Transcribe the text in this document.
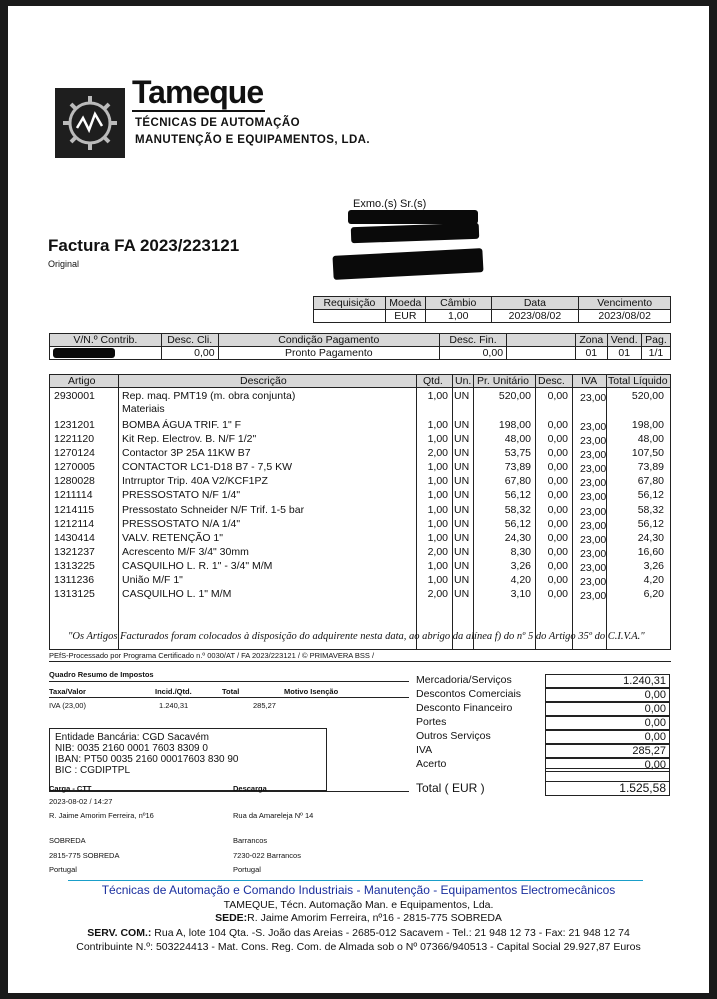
Tameque
TÉCNICAS DE AUTOMAÇÃO
MANUTENÇÃO E EQUIPAMENTOS, LDA.
Exmo.(s) Sr.(s)
Factura FA 2023/223121
Original
Requisição	Moeda	Câmbio	Data	Vencimento
	EUR	1,00	2023/08/02	2023/08/02
V/N.º Contrib.	Desc. Cli.	Condição Pagamento	Desc. Fin.		Zona	Vend.	Pag.
	0,00	Pronto Pagamento	0,00		01	01	1/1
Artigo	Descrição	Qtd. Un. Pr. Unitário Desc. IVA Total Líquido
2930001	Rep. maq. PMT19 (m. obra conjunta)	1,00 UN	520,00 0,00 23,00 520,00
Materiais
1231201	BOMBA ÁGUA TRIF. 1" F	1,00 UN	198,00 0,00 23,00 198,00
1221120	Kit Rep. Electrov. B. N/F 1/2"	1,00 UN	48,00 0,00 23,00	48,00
1270124	Contactor 3P 25A 11KW B7	2,00 UN	53,75 0,00 23,00 107,50
1270005	CONTACTOR LC1-D18 B7 - 7,5 KW	1,00 UN	73,89 0,00 23,00	73,89
1280028	Intrruptor Trip. 40A V2/KCF1PZ	1,00 UN	67,80 0,00 23,00	67,80
1211114	PRESSOSTATO N/F 1/4"	1,00 UN	56,12 0,00 23,00	56,12
1214115	Pressostato Schneider N/F Trif. 1-5 bar	1,00 UN	58,32 0,00 23,00	58,32
1212114	PRESSOSTATO N/A 1/4"	1,00 UN	56,12 0,00 23,00	56,12
1430414	VALV. RETENÇÃO 1"	1,00 UN	24,30 0,00 23,00	24,30
1321237	Acrescento M/F 3/4" 30mm	2,00 UN	8,30 0,00 23,00	16,60
1313225	CASQUILHO L. R. 1" - 3/4" M/M	1,00 UN	3,26 0,00 23,00	3,26
1311236	União M/F 1"	1,00 UN	4,20 0,00 23,00	4,20
1313125	CASQUILHO L. 1" M/M	2,00 UN	3,10 0,00 23,00	6,20
"Os Artigos Facturados foram colocados à disposição do adquirente nesta data, ao abrigo da alínea f) do nº 5 do Artigo 35º do C.I.V.A."
PEfS-Processado por Programa Certificado n.º 0030/AT / FA 2023/223121 / © PRIMAVERA BSS /
Quadro Resumo de Impostos
Taxa/Valor	Incid./Qtd.	Total	Motivo Isenção
IVA (23,00)	1.240,31	285,27
Entidade Bancária: CGD Sacavém
NIB: 0035 2160 0001 7603 8309 0
IBAN: PT50 0035 2160 00017603 830 90
BIC : CGDIPTPL
Mercadoria/Serviços	1.240,31
Descontos Comerciais	0,00
Desconto Financeiro	0,00
Portes	0,00
Outros Serviços	0,00
IVA	285,27
Acerto	0,00
Total ( EUR )	1.525,58
Carga - CTT	Descarga
2023-08-02 / 14:27
R. Jaime Amorim Ferreira, nº16	Rua da Amareleja Nº 14
SOBREDA	Barrancos
2815-775 SOBREDA	7230-022 Barrancos
Portugal	Portugal
Técnicas de Automação e Comando Industriais - Manutenção - Equipamentos Electromecânicos
TAMEQUE, Técn. Automação Man. e Equipamentos, Lda.
SEDE:R. Jaime Amorim Ferreira, nº16 - 2815-775 SOBREDA
SERV. COM.: Rua A, lote 104 Qta. -S. João das Areias - 2685-012 Sacavem - Tel.: 21 948 12 73 - Fax: 21 948 12 74
Contribuinte N.º: 503224413 - Mat. Cons. Reg. Com. de Almada sob o Nº 07366/940513 - Capital Social 29.927,87 Euros
